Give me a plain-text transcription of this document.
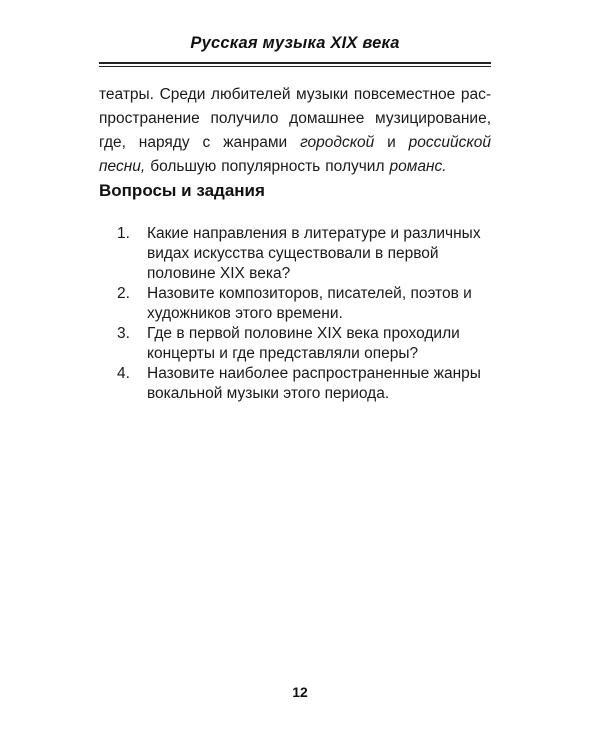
Русская музыка XIX века
театры. Среди любителей музыки повсеместное рас-
пространение получило домашнее музицирование,
где, наряду с жанрами городской и российской
песни, большую популярность получил романс.
Вопросы и задания
1.	Какие направления в литературе и различных видах искусства существовали в первой половине XIX века?
2.	Назовите композиторов, писателей, поэтов и художников этого времени.
3.	Где в первой половине XIX века проходили концерты и где представляли оперы?
4.	Назовите наиболее распространенные жанры вокальной музыки этого периода.
12
